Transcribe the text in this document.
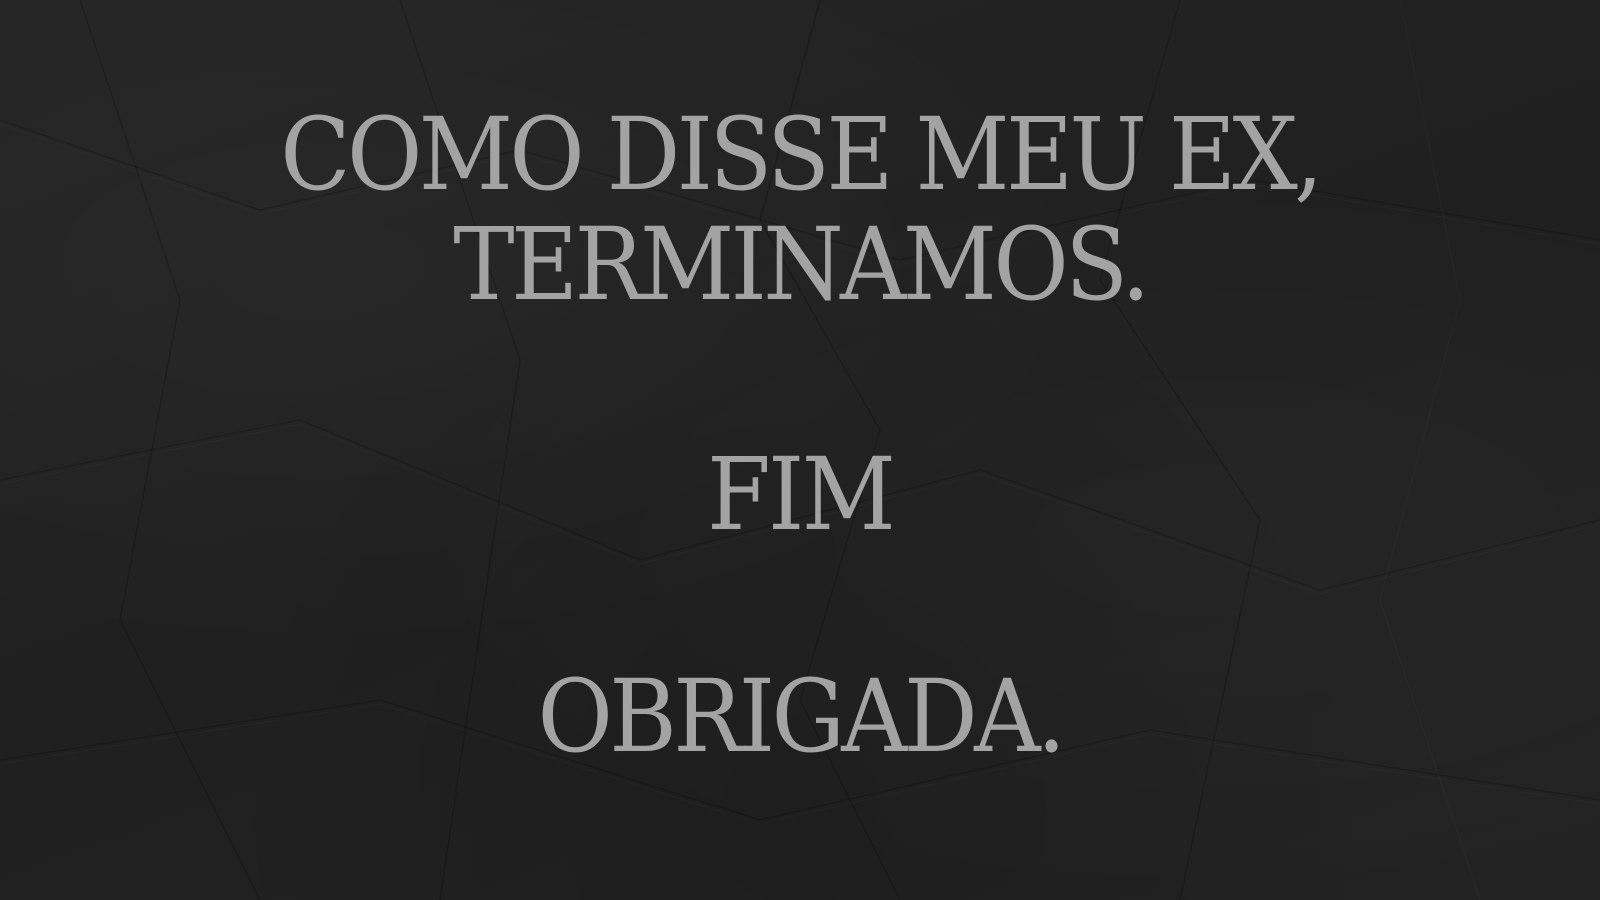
COMO DISSE MEU EX,
TERMINAMOS.
FIM
OBRIGADA.
